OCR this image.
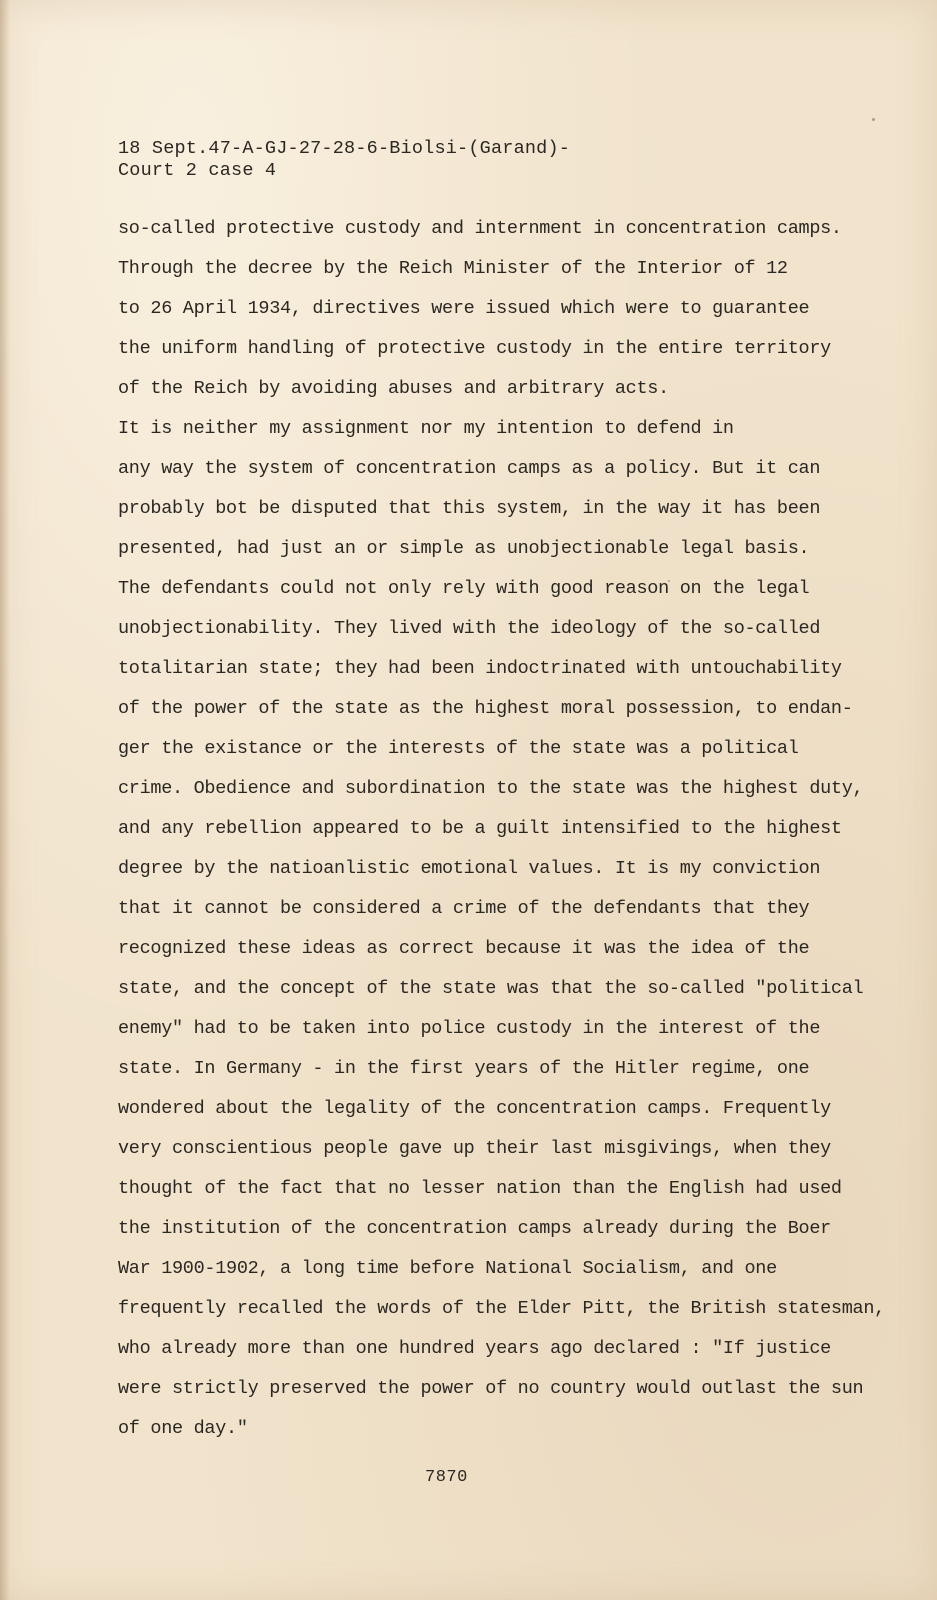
18 Sept.47-A-GJ-27-28-6-Biolsi-(Garand)-
Court 2 case 4
so-called protective custody and internment in concentration camps.
Through the decree by the Reich Minister of the Interior of 12
to 26 April 1934, directives were issued which were to guarantee
the uniform handling of protective custody in the entire territory
of the Reich by avoiding abuses and arbitrary acts.
It is neither my assignment nor my intention to defend in
any way the system of concentration camps as a policy. But it can
probably bot be disputed that this system, in the way it has been
presented, had just an or simple as unobjectionable legal basis.
The defendants could not only rely with good reason on the legal
unobjectionability. They lived with the ideology of the so-called
totalitarian state; they had been indoctrinated with untouchability
of the power of the state as the highest moral possession, to endan-
ger the existance or the interests of the state was a political
crime. Obedience and subordination to the state was the highest duty,
and any rebellion appeared to be a guilt intensified to the highest
degree by the natioanlistic emotional values. It is my conviction
that it cannot be considered a crime of the defendants that they
recognized these ideas as correct because it was the idea of the
state, and the concept of the state was that the so-called "political
enemy" had to be taken into police custody in the interest of the
state. In Germany - in the first years of the Hitler regime, one
wondered about the legality of the concentration camps. Frequently
very conscientious people gave up their last misgivings, when they
thought of the fact that no lesser nation than the English had used
the institution of the concentration camps already during the Boer
War 1900-1902, a long time before National Socialism, and one
frequently recalled the words of the Elder Pitt, the British statesman,
who already more than one hundred years ago declared : "If justice
were strictly preserved the power of no country would outlast the sun
of one day."
7870
